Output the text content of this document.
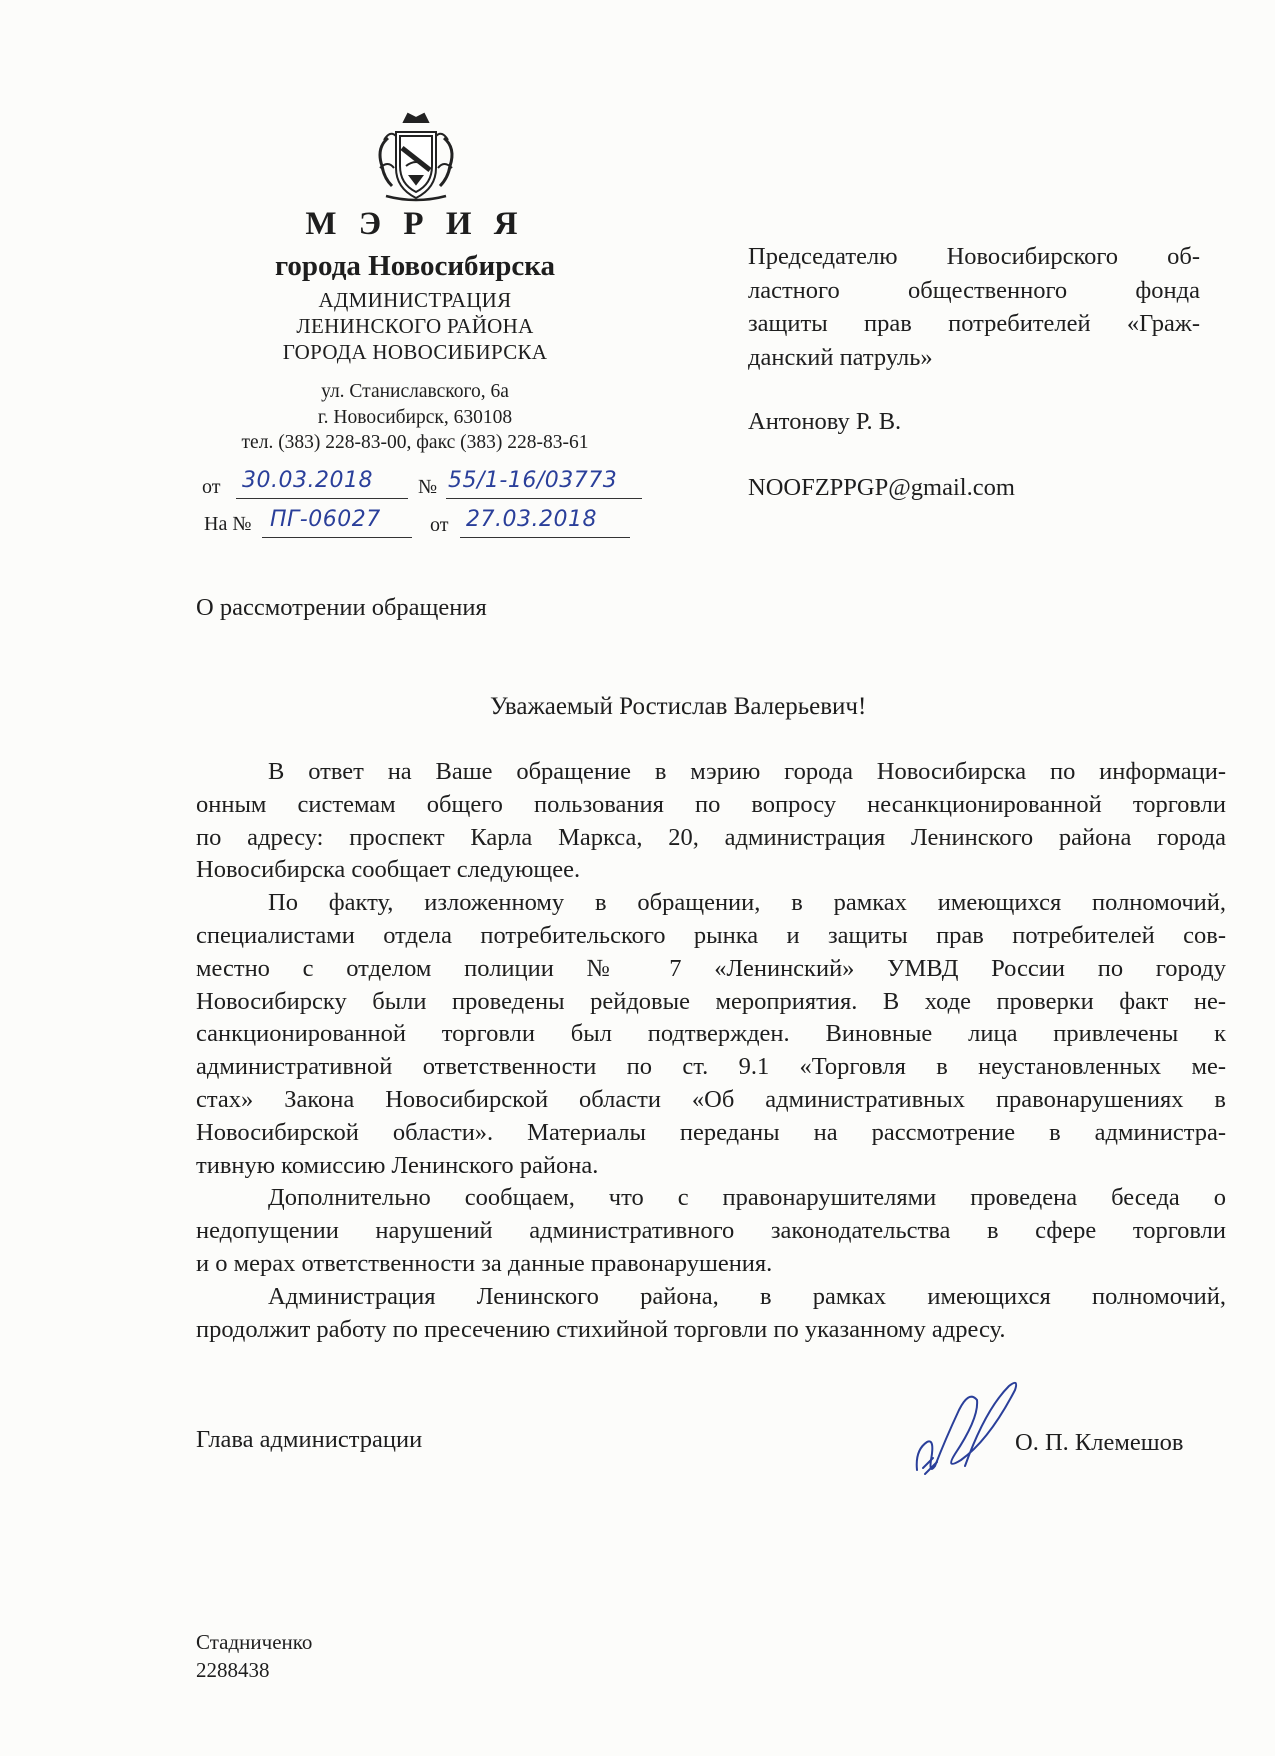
М Э Р И Я
города Новосибирска
АДМИНИСТРАЦИЯ
ЛЕНИНСКОГО РАЙОНА
ГОРОДА НОВОСИБИРСКА
ул. Станиславского, 6а
г. Новосибирск, 630108
тел. (383) 228-83-00, факс (383) 228-83-61
от 30.03.2018 № 55/1-16/03773
На № ПГ-06027 от 27.03.2018
Председателю Новосибирского об-
ластного общественного фонда
защиты прав потребителей «Граж-
данский патруль»
Антонову Р. В.
NOOFZPPGP@gmail.com
О рассмотрении обращения
Уважаемый Ростислав Валерьевич!
В ответ на Ваше обращение в мэрию города Новосибирска по информаци-
онным системам общего пользования по вопросу несанкционированной торговли
по адресу: проспект Карла Маркса, 20, администрация Ленинского района города
Новосибирска сообщает следующее.
По факту, изложенному в обращении, в рамках имеющихся полномочий,
специалистами отдела потребительского рынка и защиты прав потребителей сов-
местно с отделом полиции № 7 «Ленинский» УМВД России по городу
Новосибирску были проведены рейдовые мероприятия. В ходе проверки факт не-
санкционированной торговли был подтвержден. Виновные лица привлечены к
административной ответственности по ст. 9.1 «Торговля в неустановленных ме-
стах» Закона Новосибирской области «Об административных правонарушениях в
Новосибирской области». Материалы переданы на рассмотрение в администра-
тивную комиссию Ленинского района.
Дополнительно сообщаем, что с правонарушителями проведена беседа о
недопущении нарушений административного законодательства в сфере торговли
и о мерах ответственности за данные правонарушения.
Администрация Ленинского района, в рамках имеющихся полномочий,
продолжит работу по пресечению стихийной торговли по указанному адресу.
Глава администрации	О. П. Клемешов
Стадниченко
2288438
